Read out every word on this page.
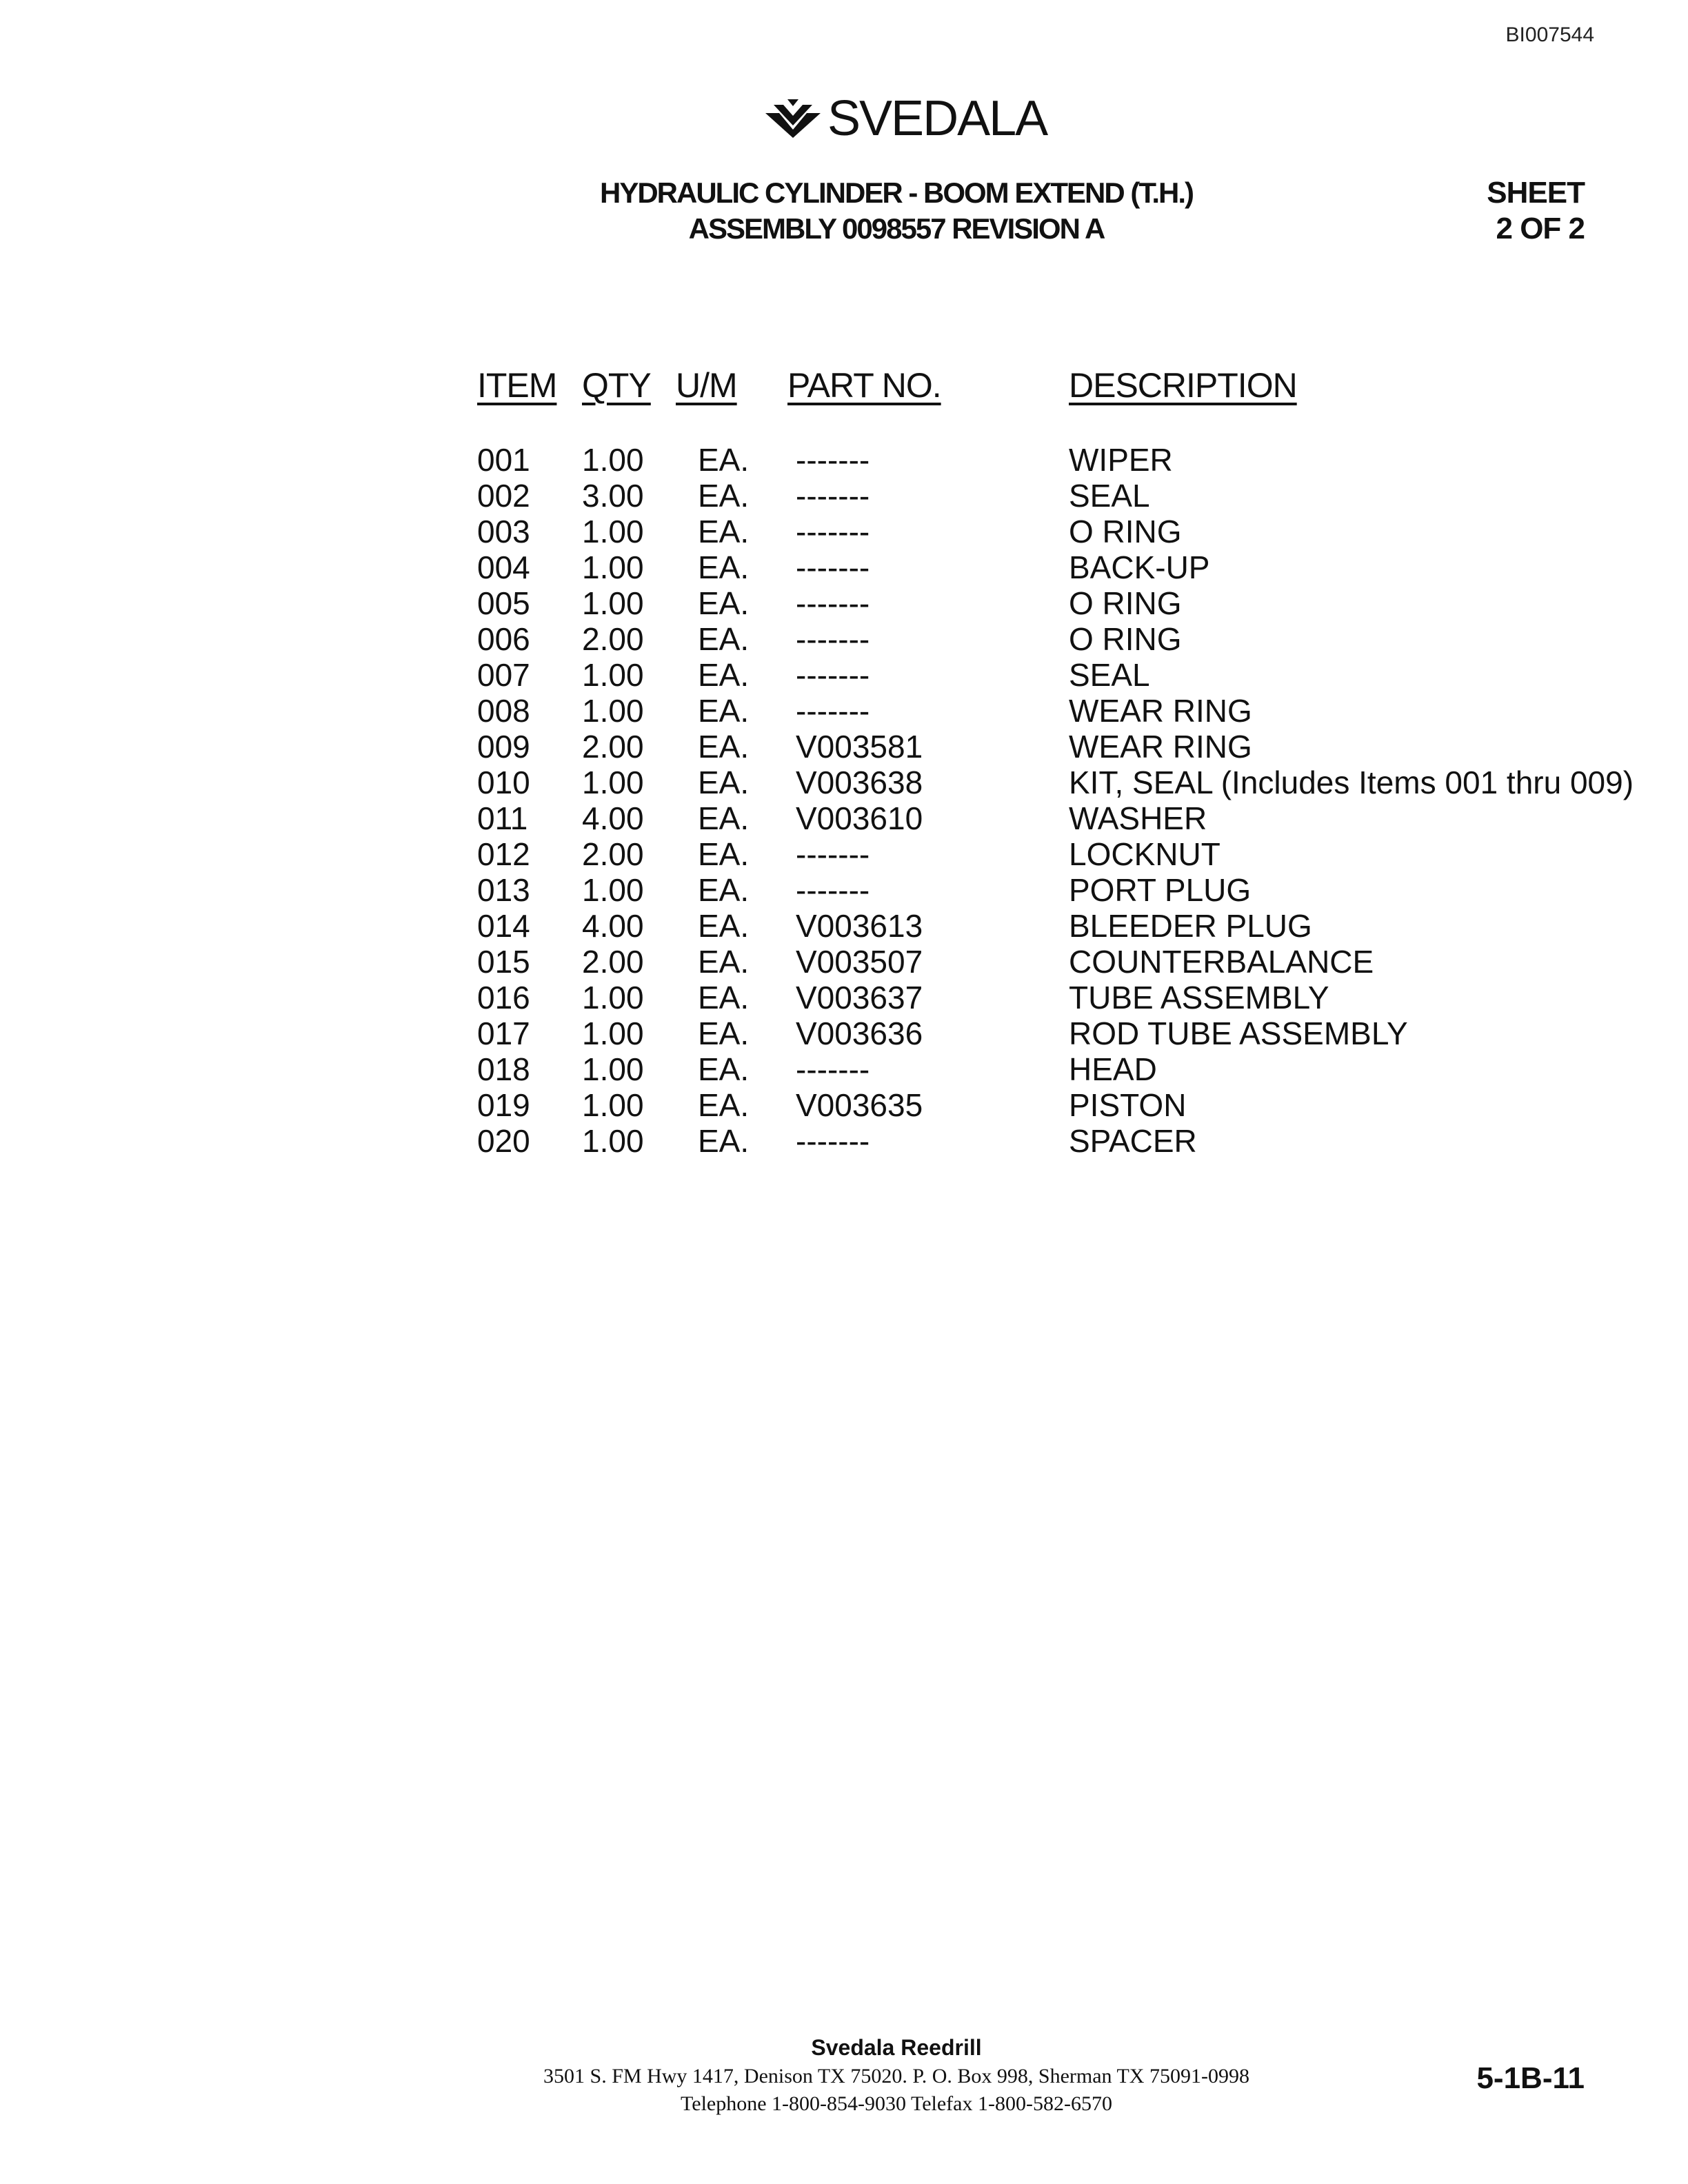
BI007544
SVEDALA
HYDRAULIC CYLINDER - BOOM EXTEND (T.H.)
ASSEMBLY 0098557 REVISION A
SHEET
2 OF 2
ITEM QTY U/M PART NO.	DESCRIPTION
001 1.00 EA. -------	WIPER
002 3.00 EA. -------	SEAL
003 1.00 EA. -------	O RING
004 1.00 EA. -------	BACK-UP
005 1.00 EA. -------	O RING
006 2.00 EA. -------	O RING
007 1.00 EA. -------	SEAL
008 1.00 EA. -------	WEAR RING
009 2.00 EA. V003581	WEAR RING
010 1.00 EA. V003638	KIT, SEAL (Includes Items 001 thru 009)
011 4.00 EA. V003610	WASHER
012 2.00 EA. -------	LOCKNUT
013 1.00 EA. -------	PORT PLUG
014 4.00 EA. V003613	BLEEDER PLUG
015 2.00 EA. V003507	COUNTERBALANCE
016 1.00 EA. V003637	TUBE ASSEMBLY
017 1.00 EA. V003636	ROD TUBE ASSEMBLY
018 1.00 EA. -------	HEAD
019 1.00 EA. V003635	PISTON
020 1.00 EA. -------	SPACER
Svedala Reedrill
3501 S. FM Hwy 1417, Denison TX 75020. P. O. Box 998, Sherman TX 75091-0998
Telephone 1-800-854-9030 Telefax 1-800-582-6570
5-1B-11
